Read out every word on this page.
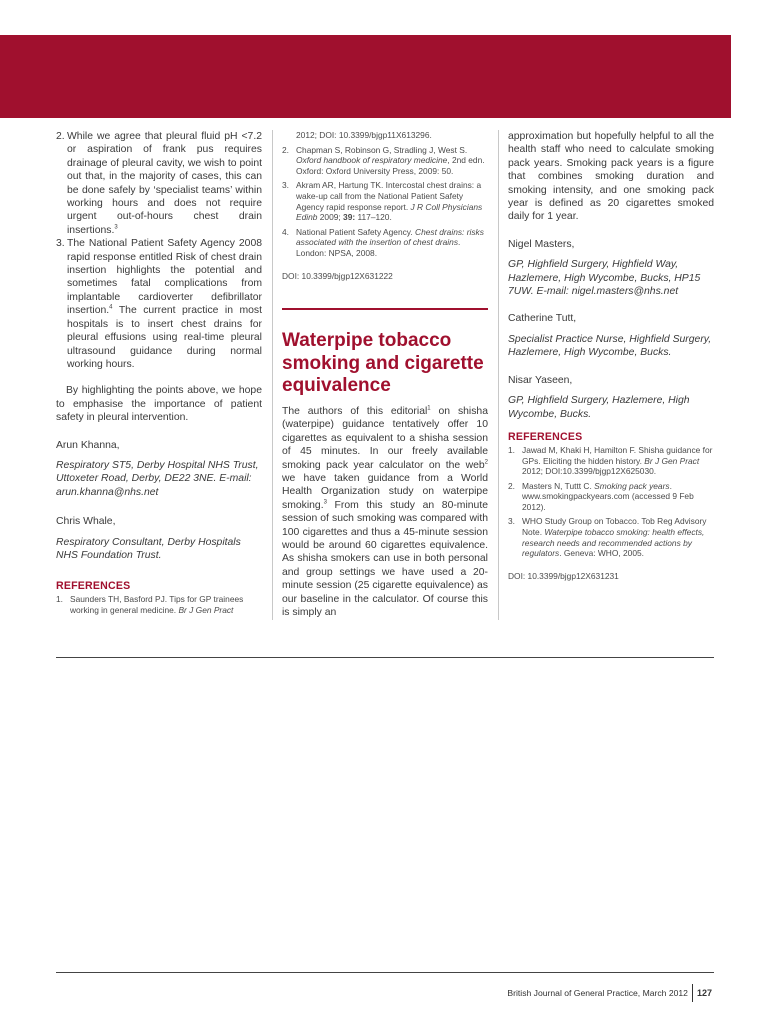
2. While we agree that pleural fluid pH <7.2 or aspiration of frank pus requires drainage of pleural cavity, we wish to point out that, in the majority of cases, this can be done safely by ‘specialist teams’ within working hours and does not require urgent out-of-hours chest drain insertions.$^3$
3. The National Patient Safety Agency 2008 rapid response entitled Risk of chest drain insertion highlights the potential and sometimes fatal complications from implantable cardioverter defibrillator insertion.$^4$ The current practice in most hospitals is to insert chest drains for pleural effusions using real-time pleural ultrasound guidance during normal working hours.

By highlighting the points above, we hope to emphasise the importance of patient safety in pleural intervention.

Arun Khanna,

Respiratory ST5, Derby Hospital NHS Trust, Uttoxeter Road, Derby, DE22 3NE. E-mail: arun.khanna@nhs.net

Chris Whale,

Respiratory Consultant, Derby Hospitals NHS Foundation Trust.

REFERENCES

1. Saunders TH, Basford PJ. Tips for GP trainees working in general medicine. Br J Gen Pract
2012; DOI: 10.3399/bjgp11X613296.
2. Chapman S, Robinson G, Stradling J, West S. Oxford handbook of respiratory medicine, 2nd edn. Oxford: Oxford University Press, 2009: 50.
3. Akram AR, Hartung TK. Intercostal chest drains: a wake-up call from the National Patient Safety Agency rapid response report. J R Coll Physicians Edinb 2009; 39: 117–120.
4. National Patient Safety Agency. Chest drains: risks associated with the insertion of chest drains. London: NPSA, 2008.

DOI: 10.3399/bjgp12X631222

Waterpipe tobacco smoking and cigarette equivalence

The authors of this editorial$^1$ on shisha (waterpipe) guidance tentatively offer 10 cigarettes as equivalent to a shisha session of 45 minutes. In our freely available smoking pack year calculator on the web$^2$ we have taken guidance from a World Health Organization study on waterpipe smoking.$^3$ From this study an 80-minute session of such smoking was compared with 100 cigarettes and thus a 45-minute session would be around 60 cigarettes equivalence. As shisha smokers can use in both personal and group settings we have used a 20-minute session (25 cigarette equivalence) as our baseline in the calculator. Of course this is simply an

approximation but hopefully helpful to all the health staff who need to calculate smoking pack years. Smoking pack years is a figure that combines smoking duration and smoking intensity, and one smoking pack year is defined as 20 cigarettes smoked daily for 1 year.

Nigel Masters,

GP, Highfield Surgery, Highfield Way, Hazlemere, High Wycombe, Bucks, HP15 7UW. E-mail: nigel.masters@nhs.net

Catherine Tutt,

Specialist Practice Nurse, Highfield Surgery, Hazlemere, High Wycombe, Bucks.

Nisar Yaseen,

GP, Highfield Surgery, Hazlemere, High Wycombe, Bucks.

REFERENCES

1. Jawad M, Khaki H, Hamilton F. Shisha guidance for GPs. Eliciting the hidden history. Br J Gen Pract 2012; DOI:10.3399/bjgp12X625030.
2. Masters N, Tuttt C. Smoking pack years. www.smokingpackyears.com (accessed 9 Feb 2012).
3. WHO Study Group on Tobacco. Tob Reg Advisory Note. Waterpipe tobacco smoking: health effects, research needs and recommended actions by regulators. Geneva: WHO, 2005.

DOI: 10.3399/bjgp12X631231

British Journal of General Practice, March 2012 127
